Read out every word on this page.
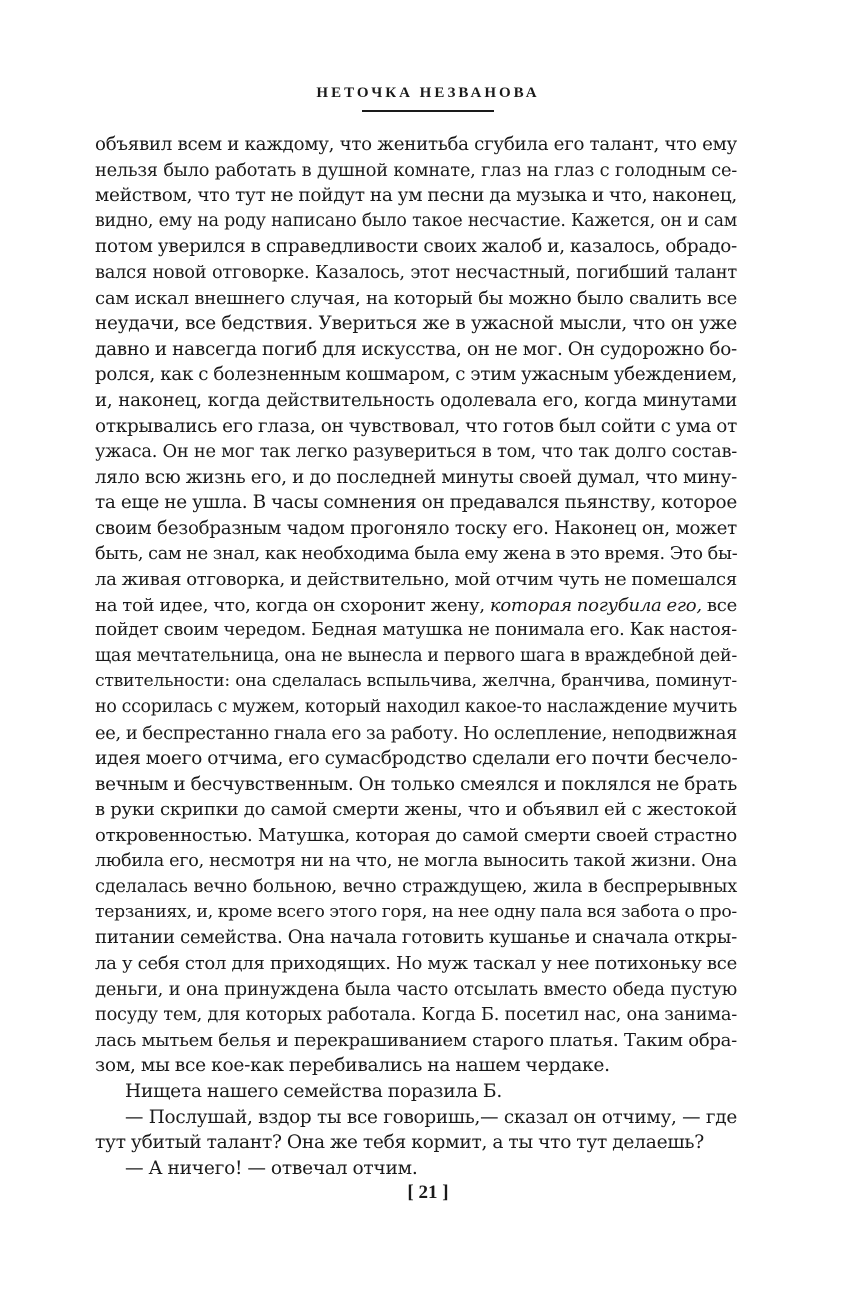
НЕТОЧКА НЕЗВАНОВА
объявил всем и каждому, что женитьба сгубила его талант, что ему
нельзя было работать в душной комнате, глаз на глаз с голодным се-
мейством, что тут не пойдут на ум песни да музыка и что, наконец,
видно, ему на роду написано было такое несчастие. Кажется, он и сам
потом уверился в справедливости своих жалоб и, казалось, обрадо-
вался новой отговорке. Казалось, этот несчастный, погибший талант
сам искал внешнего случая, на который бы можно было свалить все
неудачи, все бедствия. Увериться же в ужасной мысли, что он уже
давно и навсегда погиб для искусства, он не мог. Он судорожно бо-
ролся, как с болезненным кошмаром, с этим ужасным убеждением,
и, наконец, когда действительность одолевала его, когда минутами
открывались его глаза, он чувствовал, что готов был сойти с ума от
ужаса. Он не мог так легко разувериться в том, что так долго состав-
ляло всю жизнь его, и до последней минуты своей думал, что мину-
та еще не ушла. В часы сомнения он предавался пьянству, которое
своим безобразным чадом прогоняло тоску его. Наконец он, может
быть, сам не знал, как необходима была ему жена в это время. Это бы-
ла живая отговорка, и действительно, мой отчим чуть не помешался
на той идее, что, когда он схоронит жену, которая погубила его, все
пойдет своим чередом. Бедная матушка не понимала его. Как настоя-
щая мечтательница, она не вынесла и первого шага в враждебной дей-
ствительности: она сделалась вспыльчива, желчна, бранчива, поминут-
но ссорилась с мужем, который находил какое-то наслаждение мучить
ее, и беспрестанно гнала его за работу. Но ослепление, неподвижная
идея моего отчима, его сумасбродство сделали его почти бесчело-
вечным и бесчувственным. Он только смеялся и поклялся не брать
в руки скрипки до самой смерти жены, что и объявил ей с жестокой
откровенностью. Матушка, которая до самой смерти своей страстно
любила его, несмотря ни на что, не могла выносить такой жизни. Она
сделалась вечно больною, вечно страждущею, жила в беспрерывных
терзаниях, и, кроме всего этого горя, на нее одну пала вся забота о про-
питании семейства. Она начала готовить кушанье и сначала откры-
ла у себя стол для приходящих. Но муж таскал у нее потихоньку все
деньги, и она принуждена была часто отсылать вместо обеда пустую
посуду тем, для которых работала. Когда Б. посетил нас, она занима-
лась мытьем белья и перекрашиванием старого платья. Таким обра-
зом, мы все кое-как перебивались на нашем чердаке.
Нищета нашего семейства поразила Б.
— Послушай, вздор ты все говоришь,— сказал он отчиму, — где
тут убитый талант? Она же тебя кормит, а ты что тут делаешь?
— А ничего! — отвечал отчим.
[ 21 ]
